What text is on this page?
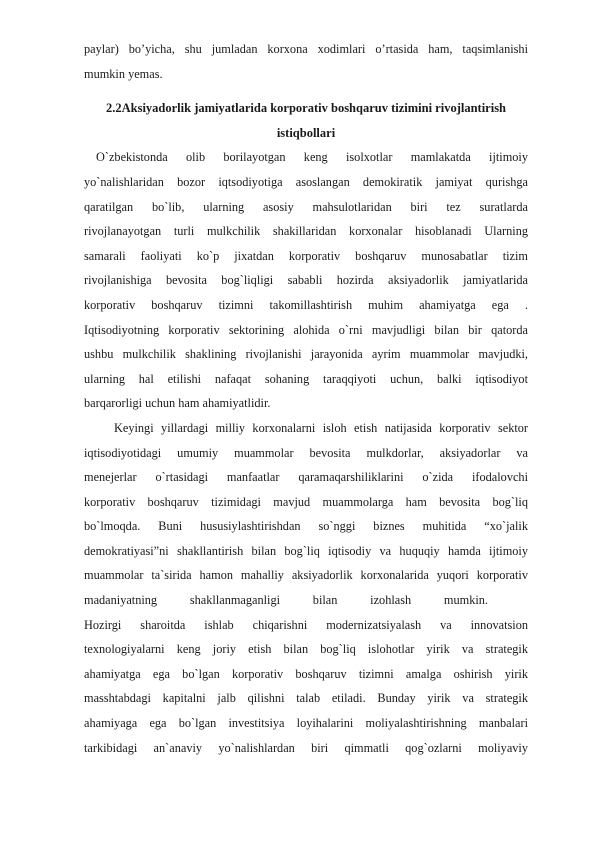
paylar) bo’yicha, shu jumladan korxona xodimlari o’rtasida ham, taqsimlanishi
mumkin yemas.
2.2Aksiyadorlik jamiyatlarida korporativ boshqaruv tizimini rivojlantirish
istiqbollari
O`zbekistonda olib borilayotgan keng isolxotlar mamlakatda ijtimoiy
yo`nalishlaridan bozor iqtsodiyotiga asoslangan demokiratik jamiyat qurishga
qaratilgan bo`lib, ularning asosiy mahsulotlaridan biri tez suratlarda
rivojlanayotgan turli mulkchilik shakillaridan korxonalar hisoblanadi Ularning
samarali faoliyati ko`p jixatdan korporativ boshqaruv munosabatlar tizim
rivojlanishiga bevosita bog`liqligi sababli hozirda aksiyadorlik jamiyatlarida
korporativ boshqaruv tizimni takomillashtirish muhim ahamiyatga ega .
Iqtisodiyotning korporativ sektorining alohida o`rni mavjudligi bilan bir qatorda
ushbu mulkchilik shaklining rivojlanishi jarayonida ayrim muammolar mavjudki,
ularning hal etilishi nafaqat sohaning taraqqiyoti uchun, balki iqtisodiyot
barqarorligi uchun ham ahamiyatlidir.
Keyingi yillardagi milliy korxonalarni isloh etish natijasida korporativ sektor
iqtisodiyotidagi umumiy muammolar bevosita mulkdorlar, aksiyadorlar va
menejerlar o`rtasidagi manfaatlar qaramaqarshiliklarini o`zida ifodalovchi
korporativ boshqaruv tizimidagi mavjud muammolarga ham bevosita bog`liq
bo`lmoqda. Buni hususiylashtirishdan so`nggi biznes muhitida “xo`jalik
demokratiyasi”ni shakllantirish bilan bog`liq iqtisodiy va huquqiy hamda ijtimoiy
muammolar ta`sirida hamon mahalliy aksiyadorlik korxonalarida yuqori korporativ
madaniyatning shakllanmaganligi bilan izohlash mumkin.
Hozirgi sharoitda ishlab chiqarishni modernizatsiyalash va innovatsion
texnologiyalarni keng joriy etish bilan bog`liq islohotlar yirik va strategik
ahamiyatga ega bo`lgan korporativ boshqaruv tizimni amalga oshirish yirik
masshtabdagi kapitalni jalb qilishni talab etiladi. Bunday yirik va strategik
ahamiyaga ega bo`lgan investitsiya loyihalarini moliyalashtirishning manbalari
tarkibidagi an`anaviy yo`nalishlardan biri qimmatli qog`ozlarni moliyaviy
